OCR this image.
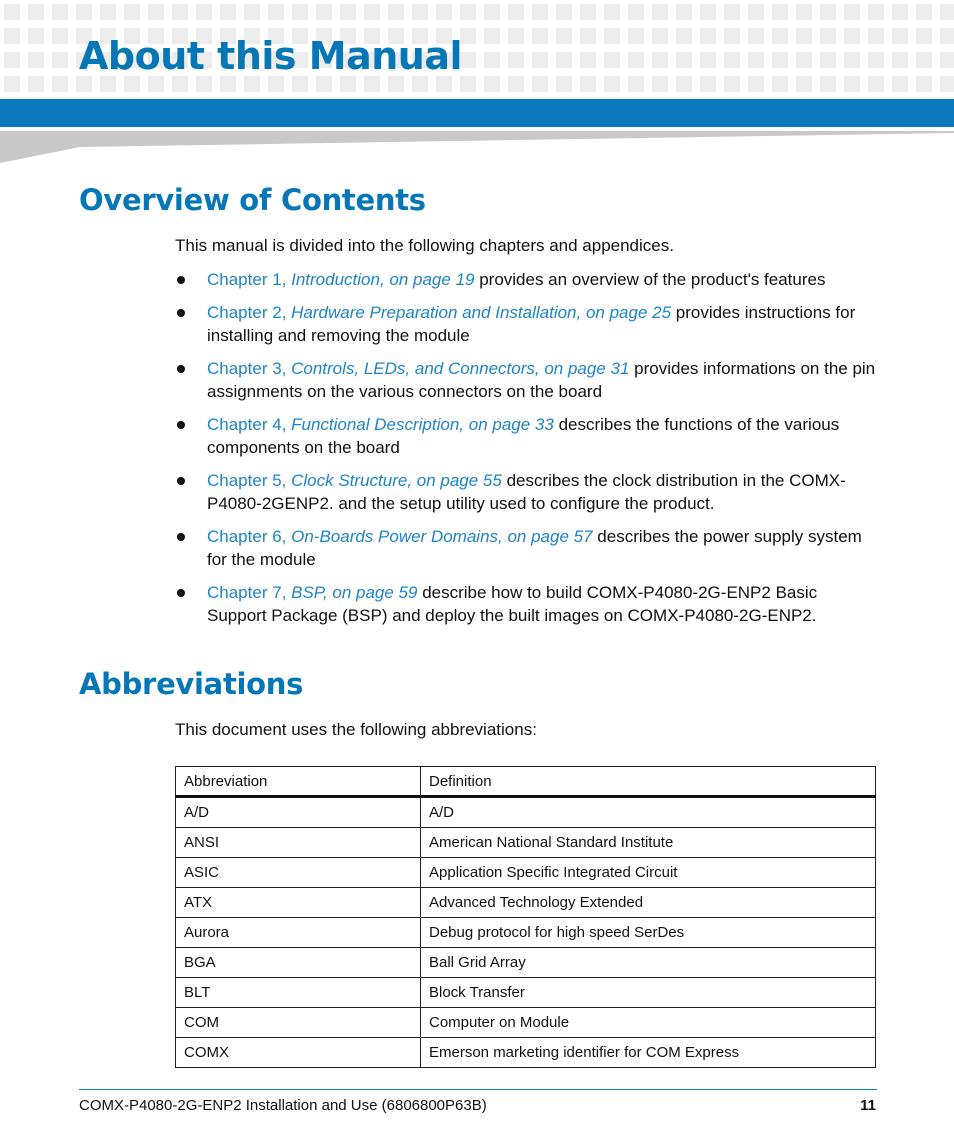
About this Manual
Overview of Contents

This manual is divided into the following chapters and appendices.

Chapter 1, Introduction, on page 19 provides an overview of the product's features
Chapter 2, Hardware Preparation and Installation, on page 25 provides instructions for installing and removing the module
Chapter 3, Controls, LEDs, and Connectors, on page 31 provides informations on the pin assignments on the various connectors on the board
Chapter 4, Functional Description, on page 33 describes the functions of the various components on the board
Chapter 5, Clock Structure, on page 55 describes the clock distribution in the COMX-P4080-2GENP2. and the setup utility used to configure the product.
Chapter 6, On-Boards Power Domains, on page 57 describes the power supply system for the module
Chapter 7, BSP, on page 59 describe how to build COMX-P4080-2G-ENP2 Basic Support Package (BSP) and deploy the built images on COMX-P4080-2G-ENP2.
Abbreviations

This document uses the following abbreviations:

Abbreviation	Definition
A/D	A/D
ANSI	American National Standard Institute
ASIC	Application Specific Integrated Circuit
ATX	Advanced Technology Extended
Aurora	Debug protocol for high speed SerDes
BGA	Ball Grid Array
BLT	Block Transfer
COM	Computer on Module
COMX	Emerson marketing identifier for COM Express
COMX-P4080-2G-ENP2 Installation and Use (6806800P63B)	11
